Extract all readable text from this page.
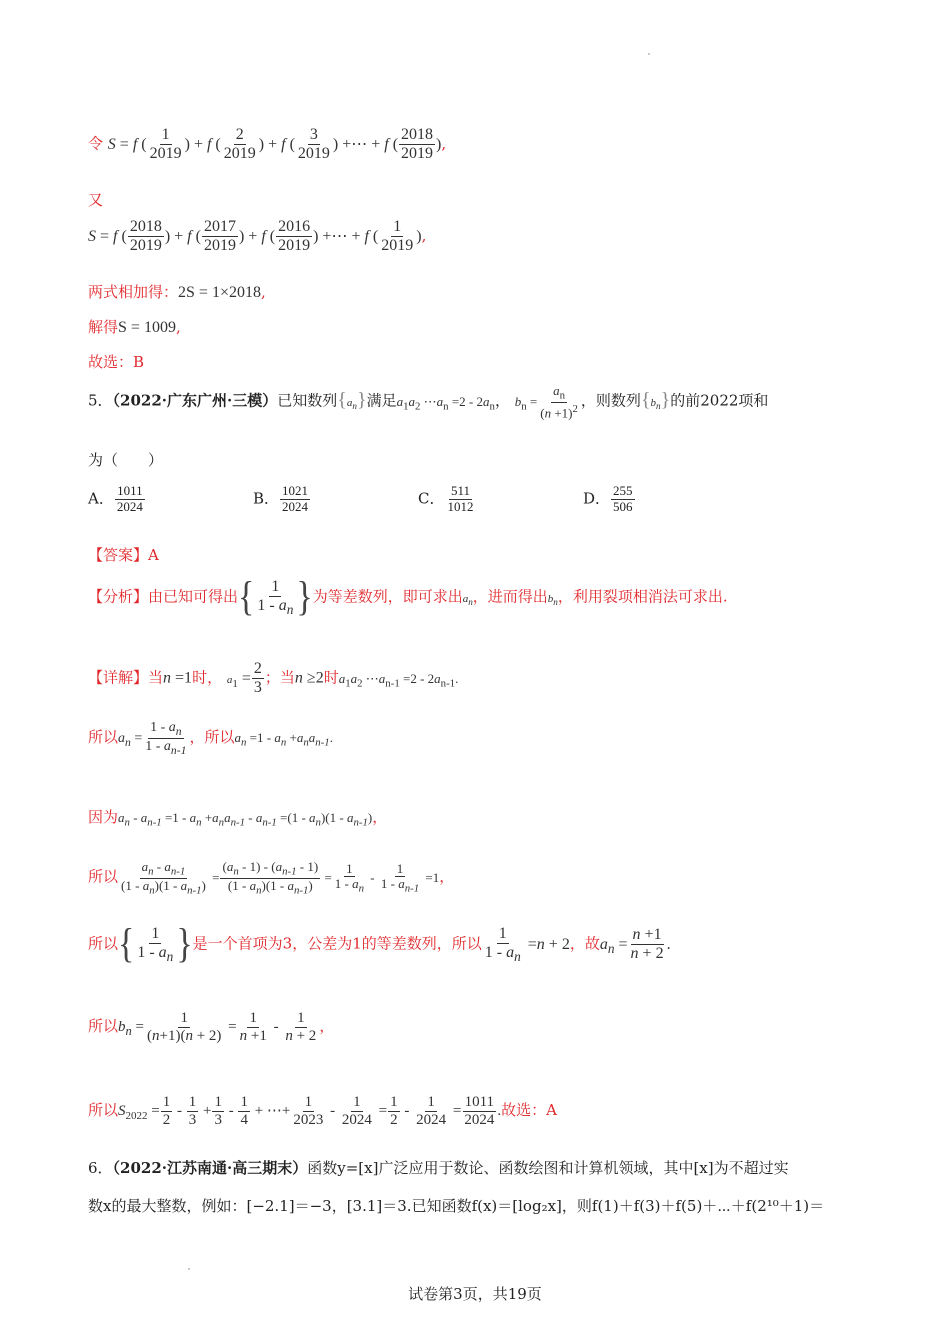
令 S = f ( $\frac{1}{2019}$ ) + f ( $\frac{2}{2019}$ ) + f ( $\frac{3}{2019}$ ) +⋯ + f ( $\frac{2018}{2019}$ ),
又
S = f ( $\frac{2018}{2019}$ ) + f ( $\frac{2017}{2019}$ ) + f ( $\frac{2016}{2019}$ ) +⋯ + f ( $\frac{1}{2019}$ ),
两式相加得：2S = 1×2018,
解得S = 1009,
故选：B
5．（2022·广东广州·三模）已知数列$\{a_n\}$满足$a_1a_2$ $\cdots a_n =2 - 2a_n$， $b_n = \frac{a_n}{(n +1)^2}$ ，则数列$\{b_n\}$的前2022项和
为（　　）
A． $\frac{1011}{2024}$	B． $\frac{1021}{2024}$	C． $\frac{511}{1012}$	D． $\frac{255}{506}$
【答案】A
【分析】由已知可得出{ $\frac{1}{1 - a_n}$ }为等差数列，即可求出$a_n$，进而得出$b_n$，利用裂项相消法可求出.
【详解】当n =1时， $a_1 = \frac{2}{3}$ ；当n ≥2时$a_1a_2$ $\cdots a_{n-1} =2 - 2a_{n-1}$.
所以$a_n = \frac{1 - a_n}{1 - a_{n-1}}$ ，所以$a_n =1 - a_n +a_na_{n-1}$.
因为$a_n - a_{n-1} =1 - a_n +a_na_{n-1} - a_{n-1} =(1 - a_n)(1 - a_{n-1})$，
所以 $\frac{a_n - a_{n-1}}{(1 - a_n)(1 - a_{n-1})} = \frac{(a_n - 1) - (a_{n-1} - 1)}{(1 - a_n)(1 - a_{n-1})} = \frac{1}{1 - a_n} - \frac{1}{1 - a_{n-1}} =1$，
所以{ $\frac{1}{1 - a_n}$ }是一个首项为3，公差为1的等差数列，所以 $\frac{1}{1 - a_n} =n + 2$，故$a_n = \frac{n +1}{n + 2}$ .
所以$b_n = \frac{1}{(n+1)(n + 2)} = \frac{1}{n +1} - \frac{1}{n + 2}$ ，
所以$S_{2022} = \frac{1}{2} - \frac{1}{3} + \frac{1}{3} - \frac{1}{4}$ + ⋯+ $\frac{1}{2023} - \frac{1}{2024} = \frac{1}{2} - \frac{1}{2024} = \frac{1011}{2024}$ .故选：A
6．（2022·江苏南通·高三期末）函数y=[x]广泛应用于数论、函数绘图和计算机领域，其中[x]为不超过实
数x的最大整数，例如：[−2.1]＝−3，[3.1]＝3.已知函数f(x)＝[log₂x]，则f(1)＋f(3)＋f(5)＋⋯＋f(2¹⁰＋1)＝
试卷第3页，共19页
